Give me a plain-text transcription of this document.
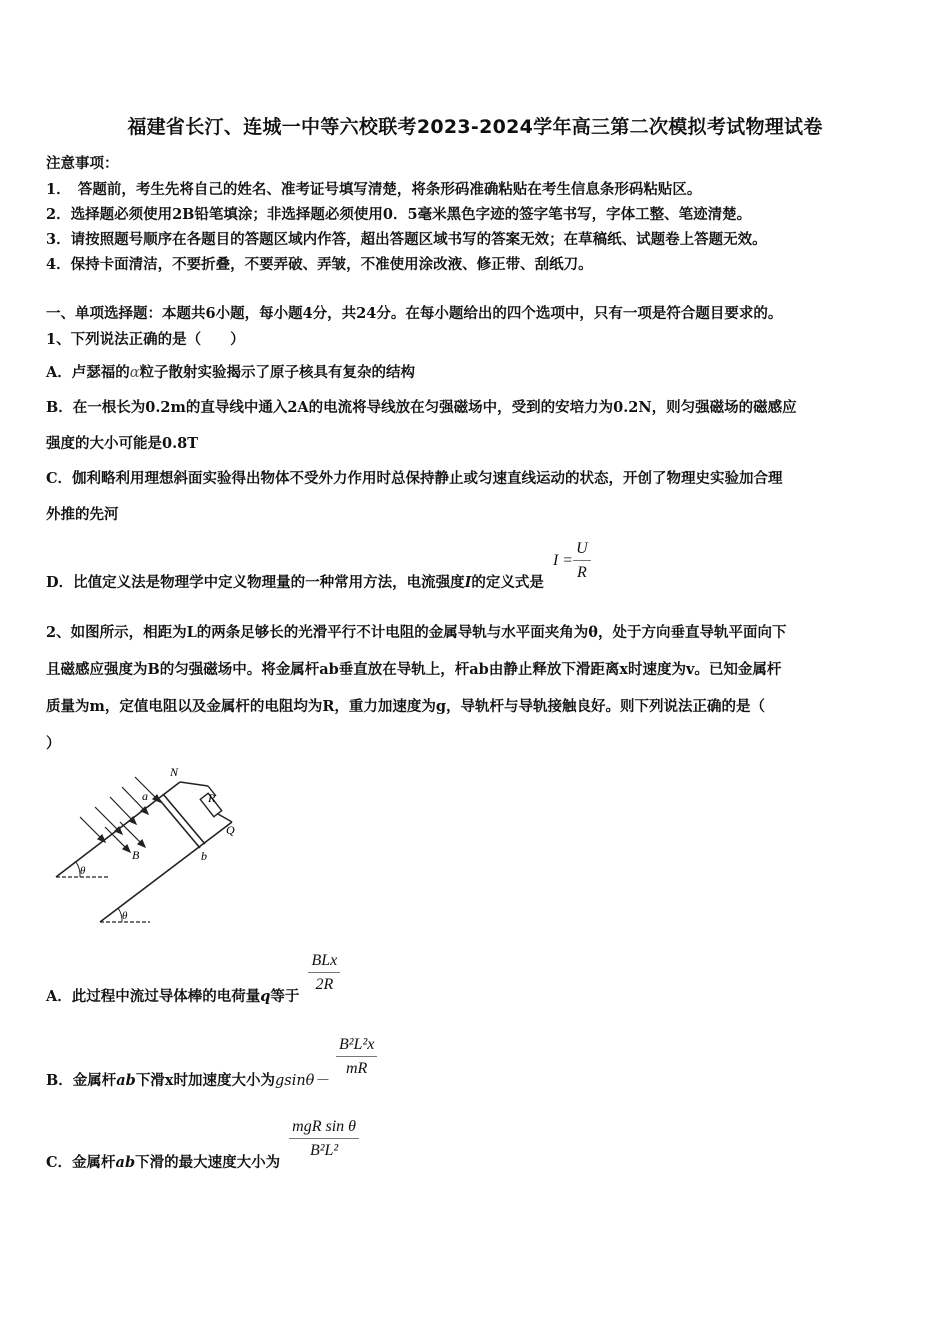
福建省长汀、连城一中等六校联考2023-2024学年高三第二次模拟考试物理试卷
注意事项：
1．　答题前，考生先将自己的姓名、准考证号填写清楚，将条形码准确粘贴在考生信息条形码粘贴区。
2．选择题必须使用2B铅笔填涂；非选择题必须使用0．5毫米黑色字迹的签字笔书写，字体工整、笔迹清楚。
3．请按照题号顺序在各题目的答题区域内作答，超出答题区域书写的答案无效；在草稿纸、试题卷上答题无效。
4．保持卡面清洁，不要折叠，不要弄破、弄皱，不准使用涂改液、修正带、刮纸刀。
一、单项选择题：本题共6小题，每小题4分，共24分。在每小题给出的四个选项中，只有一项是符合题目要求的。
1、下列说法正确的是（　　）
A．卢瑟福的α粒子散射实验揭示了原子核具有复杂的结构
B．在一根长为0.2m的直导线中通入2A的电流将导线放在匀强磁场中，受到的安培力为0.2N，则匀强磁场的磁感应
强度的大小可能是0.8T
C．伽利略利用理想斜面实验得出物体不受外力作用时总保持静止或匀速直线运动的状态，开创了物理史实验加合理
外推的先河
D．比值定义法是物理学中定义物理量的一种常用方法，电流强度I的定义式是 $I = \frac{U}{R}$
2、如图所示，相距为L的两条足够长的光滑平行不计电阻的金属导轨与水平面夹角为θ，处于方向垂直导轨平面向下
且磁感应强度为B的匀强磁场中。将金属杆ab垂直放在导轨上，杆ab由静止释放下滑距离x时速度为v。已知金属杆
质量为m，定值电阻以及金属杆的电阻均为R，重力加速度为g，导轨杆与导轨接触良好。则下列说法正确的是（
）
N
R
a
Q
B	b
θ
θ
A．此过程中流过导体棒的电荷量q等于
$\frac{\text{BLx}}{2R}$
B．金属杆ab下滑x时加速度大小为gsinθ－
$\frac{\text{B²L²x}}{mR}$
C．金属杆ab下滑的最大速度大小为
$\frac{\text{mgR sin θ}}{\text{B²L²}}$
